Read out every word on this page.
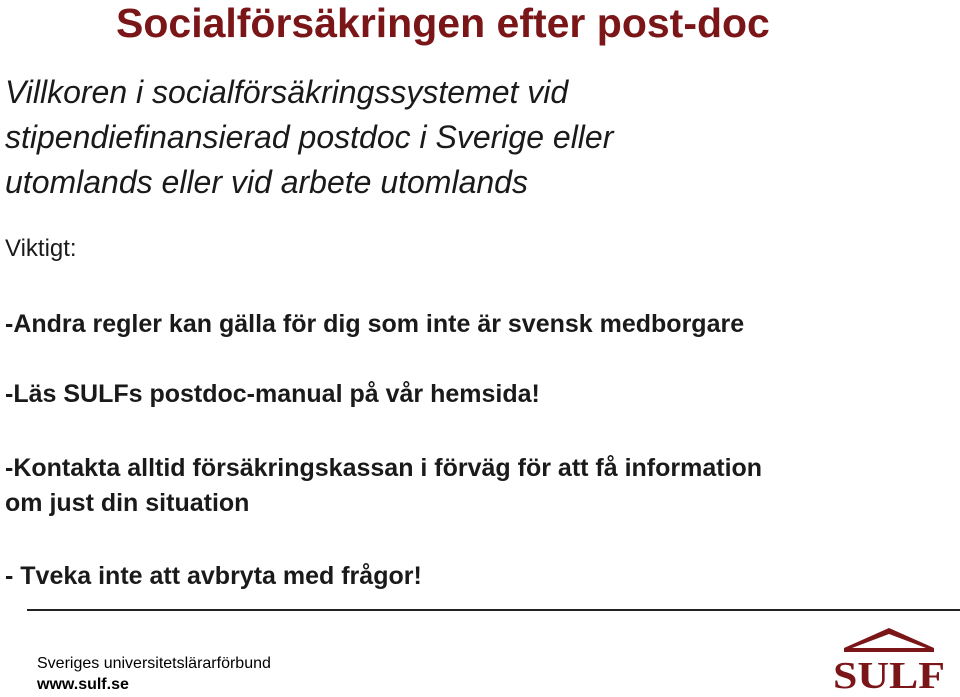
Socialförsäkringen efter post-doc
Villkoren i socialförsäkringssystemet vid
stipendiefinansierad postdoc i Sverige eller
utomlands eller vid arbete utomlands
Viktigt:
-Andra regler kan gälla för dig som inte är svensk medborgare
-Läs SULFs postdoc-manual på vår hemsida!
-Kontakta alltid försäkringskassan i förväg för att få information
om just din situation
- Tveka inte att avbryta med frågor!
Sveriges universitetslärarförbund
www.sulf.se	SULF
